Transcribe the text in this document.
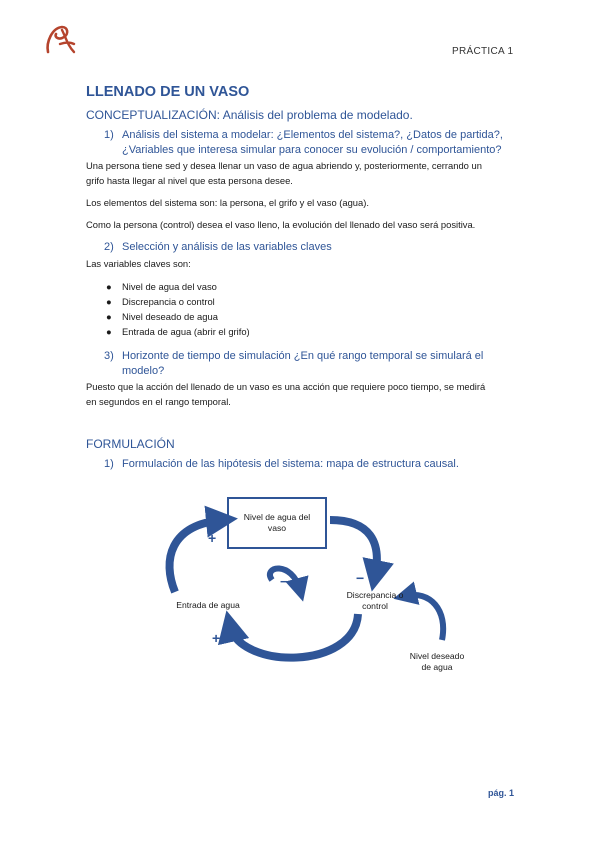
PRÁCTICA 1
LLENADO DE UN VASO
CONCEPTUALIZACIÓN: Análisis del problema de modelado.
1) Análisis del sistema a modelar: ¿Elementos del sistema?, ¿Datos de partida?,
¿Variables que interesa simular para conocer su evolución / comportamiento?
Una persona tiene sed y desea llenar un vaso de agua abriendo y, posteriormente, cerrando un
grifo hasta llegar al nivel que esta persona desee.
Los elementos del sistema son: la persona, el grifo y el vaso (agua).
Como la persona (control) desea el vaso lleno, la evolución del llenado del vaso será positiva.
2) Selección y análisis de las variables claves
Las variables claves son:
● Nivel de agua del vaso
● Discrepancia o control
● Nivel deseado de agua
● Entrada de agua (abrir el grifo)
3) Horizonte de tiempo de simulación ¿En qué rango temporal se simulará el
modelo?
Puesto que la acción del llenado de un vaso es una acción que requiere poco tiempo, se medirá
en segundos en el rango temporal.
FORMULACIÓN
1) Formulación de las hipótesis del sistema: mapa de estructura causal.
Nivel de agua del
vaso
Entrada de agua
Discrepancia o
control
Nivel deseado
de agua
+
+
−
−
pág. 1
